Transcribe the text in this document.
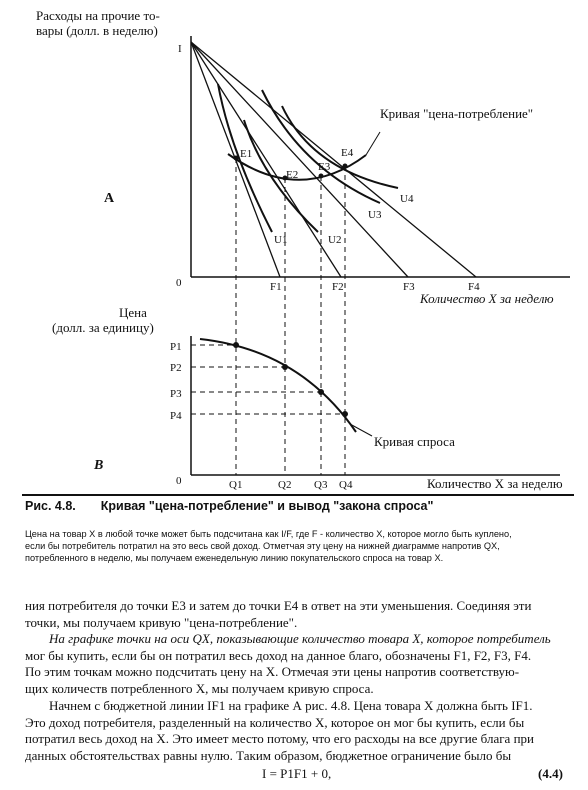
Расходы на прочие то-
вары (долл. в неделю)
А
Цена
(долл. за единицу)
В
I
0	F1	F2	F3	F4
E1
E2
E3
E4
U1	U2
U3
U4
Кривая "цена-потребление"
Количество X за неделю
P1
P2
P3
P4
0	Q1	Q2 Q3 Q4
Кривая спроса
Количество X за неделю
Рис. 4.8. Кривая "цена-потребление" и вывод "закона спроса"
Цена на товар X в любой точке может быть подсчитана как I/F, где F - количество X, которое могло быть куплено,
если бы потребитель потратил на это весь свой доход. Отметчая эту цену на нижней диаграмме напротив QX,
потребленного в неделю, мы получаем еженедельную линию покупательского спроса на товар X.
ния потребителя до точки E3 и затем до точки E4 в ответ на эти уменьшения. Соединяя эти
точки, мы получаем кривую "цена-потребление".
На графике точки на оси QX, показывающие количество товара X, которое потребитель
мог бы купить, если бы он потратил весь доход на данное благо, обозначены F1, F2, F3, F4.
По этим точкам можно подсчитать цену на X. Отмечая эти цены напротив соответствую-
щих количеств потребленного X, мы получаем кривую спроса.
Начнем с бюджетной линии IF1 на графике А рис. 4.8. Цена товара X должна быть IF1.
Это доход потребителя, разделенный на количество X, которое он мог бы купить, если бы
потратил весь доход на X. Это имеет место потому, что его расходы на все другие блага при
данных обстоятельствах равны нулю. Таким образом, бюджетное ограничение было бы
I = P1F1 + 0,	(4.4)
